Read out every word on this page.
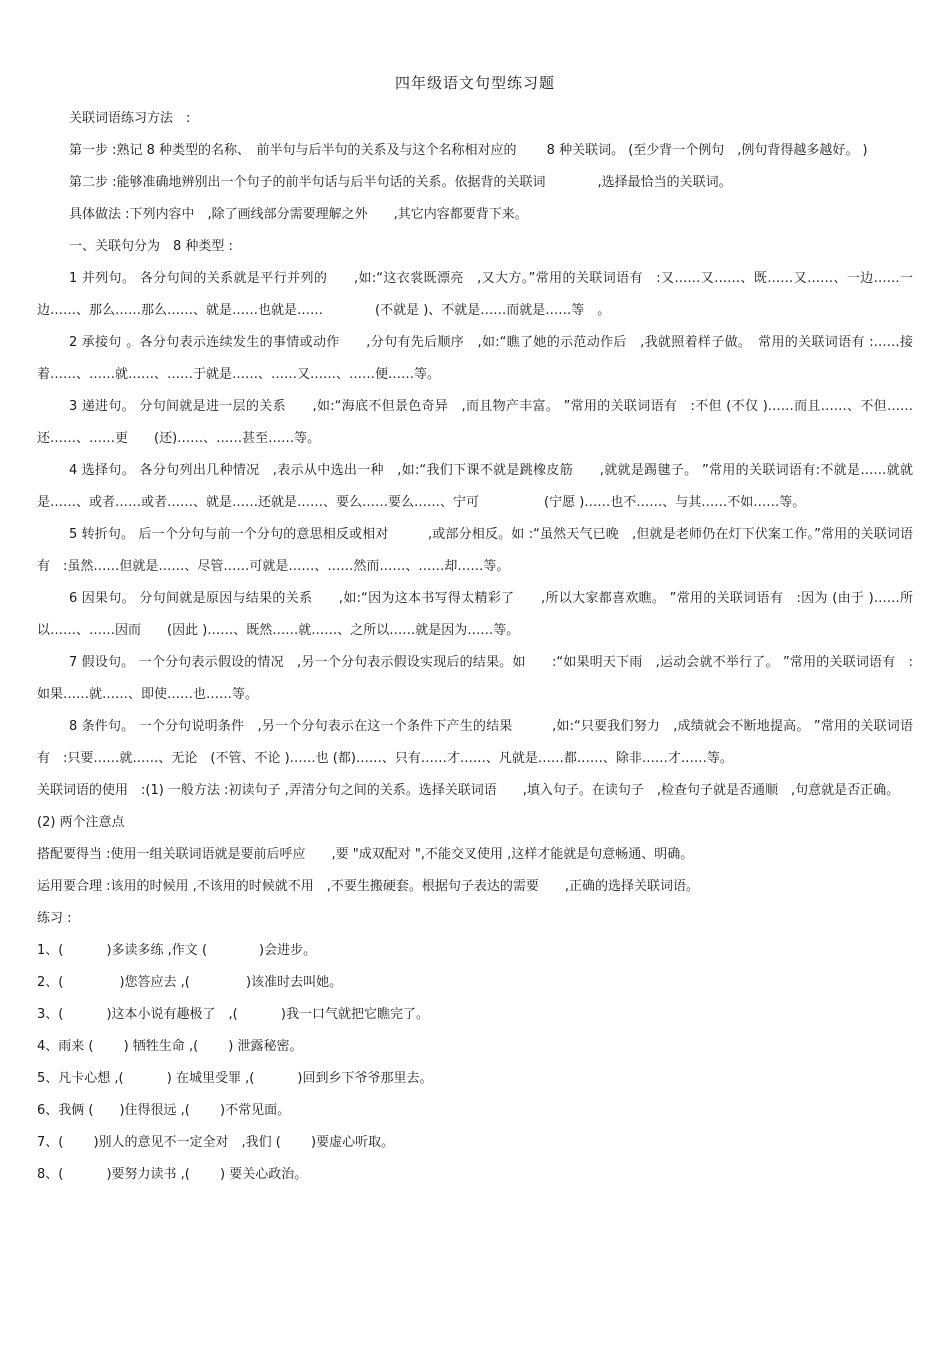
四年级语文句型练习题

关联词语练习方法　:

第一步 :熟记 8 种类型的名称、　前半句与后半句的关系及与这个名称相对应的　　 8 种关联词。 (至少背一个例句　,例句背得越多越好。 )

第二步 :能够准确地辨别出一个句子的前半句话与后半句话的关系。依据背的关联词　　　　,选择最恰当的关联词。

具体做法 :下列内容中　,除了画线部分需要理解之外　　,其它内容都要背下来。

一、关联句分为　8 种类型 :

1 并列句。 各分句间的关系就是平行并列的　　,如:“这衣裳既漂亮　,又大方。”常用的关联词语有　:又……又……、既……又……、一边……一边……、那么……那么……、就是……也就是……　　　　(不就是 )、不就是……而就是……等　。

2 承接句 。各分句表示连续发生的事情或动作　　,分句有先后顺序　,如:“瞧了她的示范动作后　,我就照着样子做。　常用的关联词语有 :……接着……、……就……、……于就是……、……又……、……便……等。

3 递进句。 分句间就是进一层的关系　　,如:“海底不但景色奇异　,而且物产丰富。 ”常用的关联词语有　:不但 (不仅 )……而且……、不但……还……、……更　　(还)……、……甚至……等。

4 选择句。 各分句列出几种情况　,表示从中选出一种　,如:“我们下课不就是跳橡皮筋　　,就就是踢毽子。 ”常用的关联词语有:不就是……就就是……、或者……或者……、就是……还就是……、要么……要么……、宁可　　　　　(宁愿 )……也不……、与其……不如……等。

5 转折句。 后一个分句与前一个分句的意思相反或相对　　　,或部分相反。如 :“虽然天气已晚　,但就是老师仍在灯下伏案工作。”常用的关联词语有　:虽然……但就是……、尽管……可就是……、……然而……、……却……等。

6 因果句。 分句间就是原因与结果的关系　　,如:“因为这本书写得太精彩了　　,所以大家都喜欢瞧。 ”常用的关联词语有　:因为 (由于 )……所以……、……因而　　(因此 )……、既然……就……、之所以……就是因为……等。

7 假设句。 一个分句表示假设的情况　,另一个分句表示假设实现后的结果。如　　:“如果明天下雨　,运动会就不举行了。 ”常用的关联词语有　:如果……就……、即使……也……等。

8 条件句。 一个分句说明条件　,另一个分句表示在这一个条件下产生的结果　　　,如:“只要我们努力　,成绩就会不断地提高。 ”常用的关联词语有　:只要……就……、无论　(不管、不论 )……也 (都)……、只有……才……、凡就是……都……、除非……才……等。

关联词语的使用　:(1) 一般方法 :初读句子 ,弄清分句之间的关系。选择关联词语　　,填入句子。在读句子　,检查句子就是否通顺　,句意就是否正确。

(2) 两个注意点

搭配要得当 :使用一组关联词语就是要前后呼应　　,要 "成双配对 ",不能交叉使用 ,这样才能就是句意畅通、明确。

运用要合理 :该用的时候用 ,不该用的时候就不用　,不要生搬硬套。根据句子表达的需要　　,正确的选择关联词语。

练习 :

1、(　　　 )多读多练 ,作文 (　　　　)会进步。

2、(　　　　 )您答应去 ,(　　　　 )该准时去叫她。

3、(　　　 )这本小说有趣极了　,(　　　 )我一口气就把它瞧完了。

4、雨来 (　　 ) 牺牲生命 ,(　　 ) 泄露秘密。

5、凡卡心想 ,(　　　 ) 在城里受罪 ,(　　　 )回到乡下爷爷那里去。

6、我俩 (　　)住得很远 ,(　　 )不常见面。

7、(　　 )别人的意见不一定全对　,我们 (　　 )要虚心听取。

8、(　　　 )要努力读书 ,(　　 ) 要关心政治。
